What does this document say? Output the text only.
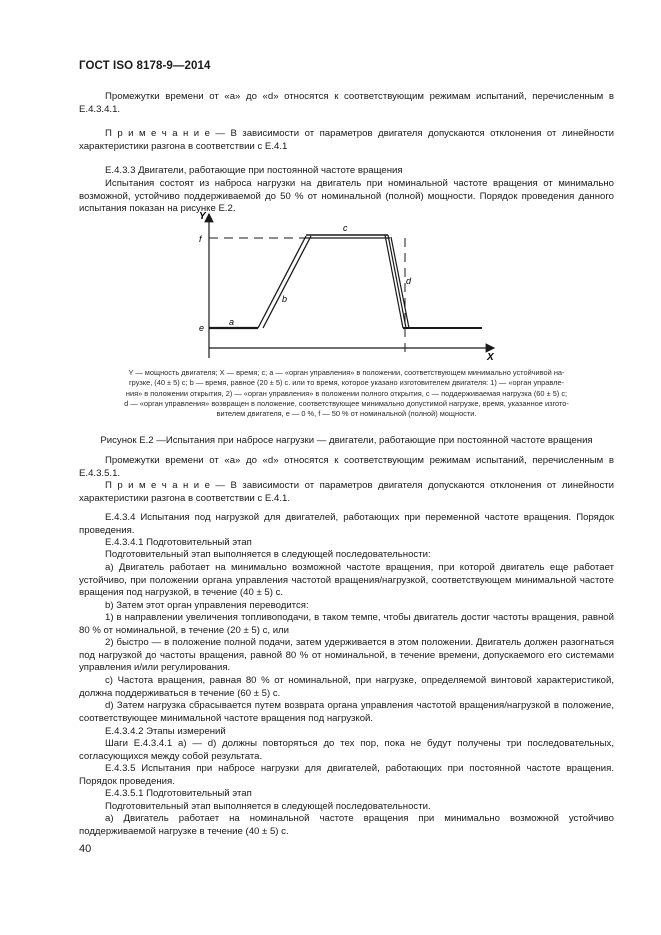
ГОСТ ISO 8178-9—2014
Промежутки времени от «a» до «d» относятся к соответствующим режимам испытаний, перечисленным в Е.4.3.4.1.
П р и м е ч а н и е — В зависимости от параметров двигателя допускаются отклонения от линейности характеристики разгона в соответствии с Е.4.1
Е.4.3.3 Двигатели, работающие при постоянной частоте вращения
Испытания состоят из наброса нагрузки на двигатель при номинальной частоте вращения от минимально возможной, устойчиво поддерживаемой до 50 % от номинальной (полной) мощности. Порядок проведения данного испытания показан на рисунке Е.2.
Y
X
f
e
a
b
c
d
Y — мощность двигателя; X — время; c; a — «орган управления» в положении, соответствующем минимально устойчивой на-
грузке, (40 ± 5) с; b — время, равное (20 ± 5) с. или то время, которое указано изготовителем двигателя: 1) — «орган управле-
ния» в положении открытия, 2) — «орган управления» в положении полного открытия, c — поддерживаемая нагрузка (60 ± 5) с;
d — «орган управления» возвращен в положение, соответствующее минимально допустимой нагрузке, время, указанное изгото-
вителем двигателя, e — 0 %, f — 50 % от номинальной (полной) мощности.
Рисунок Е.2 —Испытания при набросе нагрузки — двигатели, работающие при постоянной частоте вращения
Промежутки времени от «a» до «d» относятся к соответствующим режимам испытаний, перечисленным в Е.4.3.5.1.
П р и м е ч а н и е — В зависимости от параметров двигателя допускаются отклонения от линейности характеристики разгона в соответствии с Е.4.1.
Е.4.3.4 Испытания под нагрузкой для двигателей, работающих при переменной частоте вращения. Порядок проведения.
Е.4.3.4.1 Подготовительный этап
Подготовительный этап выполняется в следующей последовательности:
а) Двигатель работает на минимально возможной частоте вращения, при которой двигатель еще работает устойчиво, при положении органа управления частотой вращения/нагрузкой, соответствующем минимальной частоте вращения под нагрузкой, в течение (40 ± 5) с.
b) Затем этот орган управления переводится:
1) в направлении увеличения топливоподачи, в таком темпе, чтобы двигатель достиг частоты вращения, равной 80 % от номинальной, в течение (20 ± 5) с, или
2) быстро — в положение полной подачи, затем удерживается в этом положении. Двигатель должен разогнаться под нагрузкой до частоты вращения, равной 80 % от номинальной, в течение времени, допускаемого его системами управления и/или регулирования.
c) Частота вращения, равная 80 % от номинальной, при нагрузке, определяемой винтовой характеристикой, должна поддерживаться в течение (60 ± 5) с.
d) Затем нагрузка сбрасывается путем возврата органа управления частотой вращения/нагрузкой в положение, соответствующее минимальной частоте вращения под нагрузкой.
Е.4.3.4.2 Этапы измерений
Шаги Е.4.3.4.1 а) — d) должны повторяться до тех пор, пока не будут получены три последовательных, согласующихся между собой результата.
Е.4.3.5 Испытания при набросе нагрузки для двигателей, работающих при постоянной частоте вращения. Порядок проведения.
Е.4.3.5.1 Подготовительный этап
Подготовительный этап выполняется в следующей последовательности.
а) Двигатель работает на номинальной частоте вращения при минимально возможной устойчиво поддерживаемой нагрузке в течение (40 ± 5) с.
40
